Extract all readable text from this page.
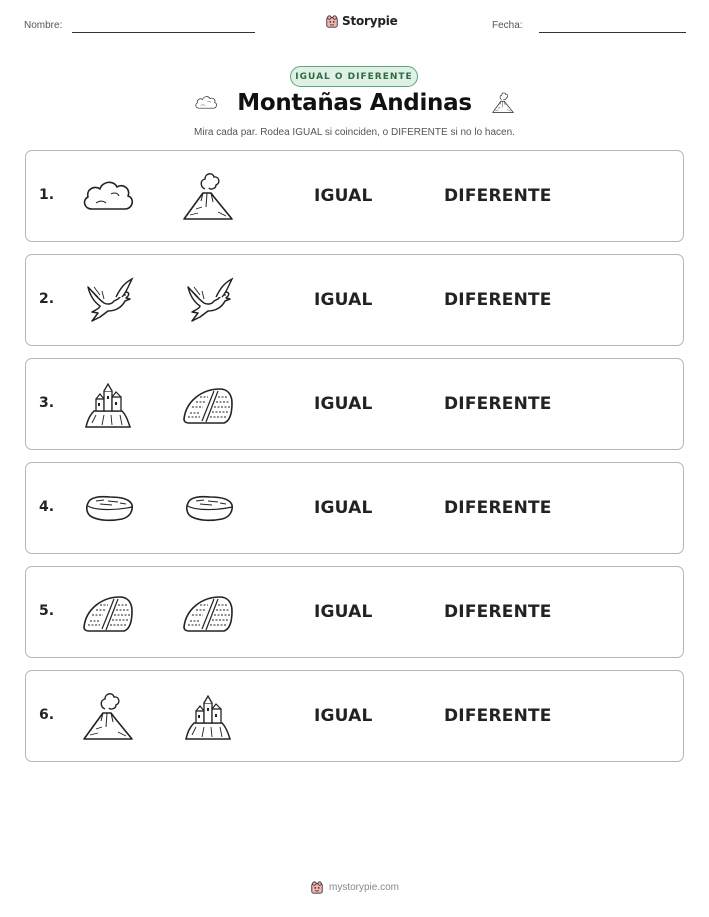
Nombre:	Storypie	Fecha:
IGUAL O DIFERENTE
Montañas Andinas
Mira cada par. Rodea IGUAL si coinciden, o DIFERENTE si no lo hacen.
1.	IGUAL	DIFERENTE
2.	IGUAL	DIFERENTE
3.	IGUAL	DIFERENTE
4.	IGUAL	DIFERENTE
5.	IGUAL	DIFERENTE
6.	IGUAL	DIFERENTE
mystorypie.com
